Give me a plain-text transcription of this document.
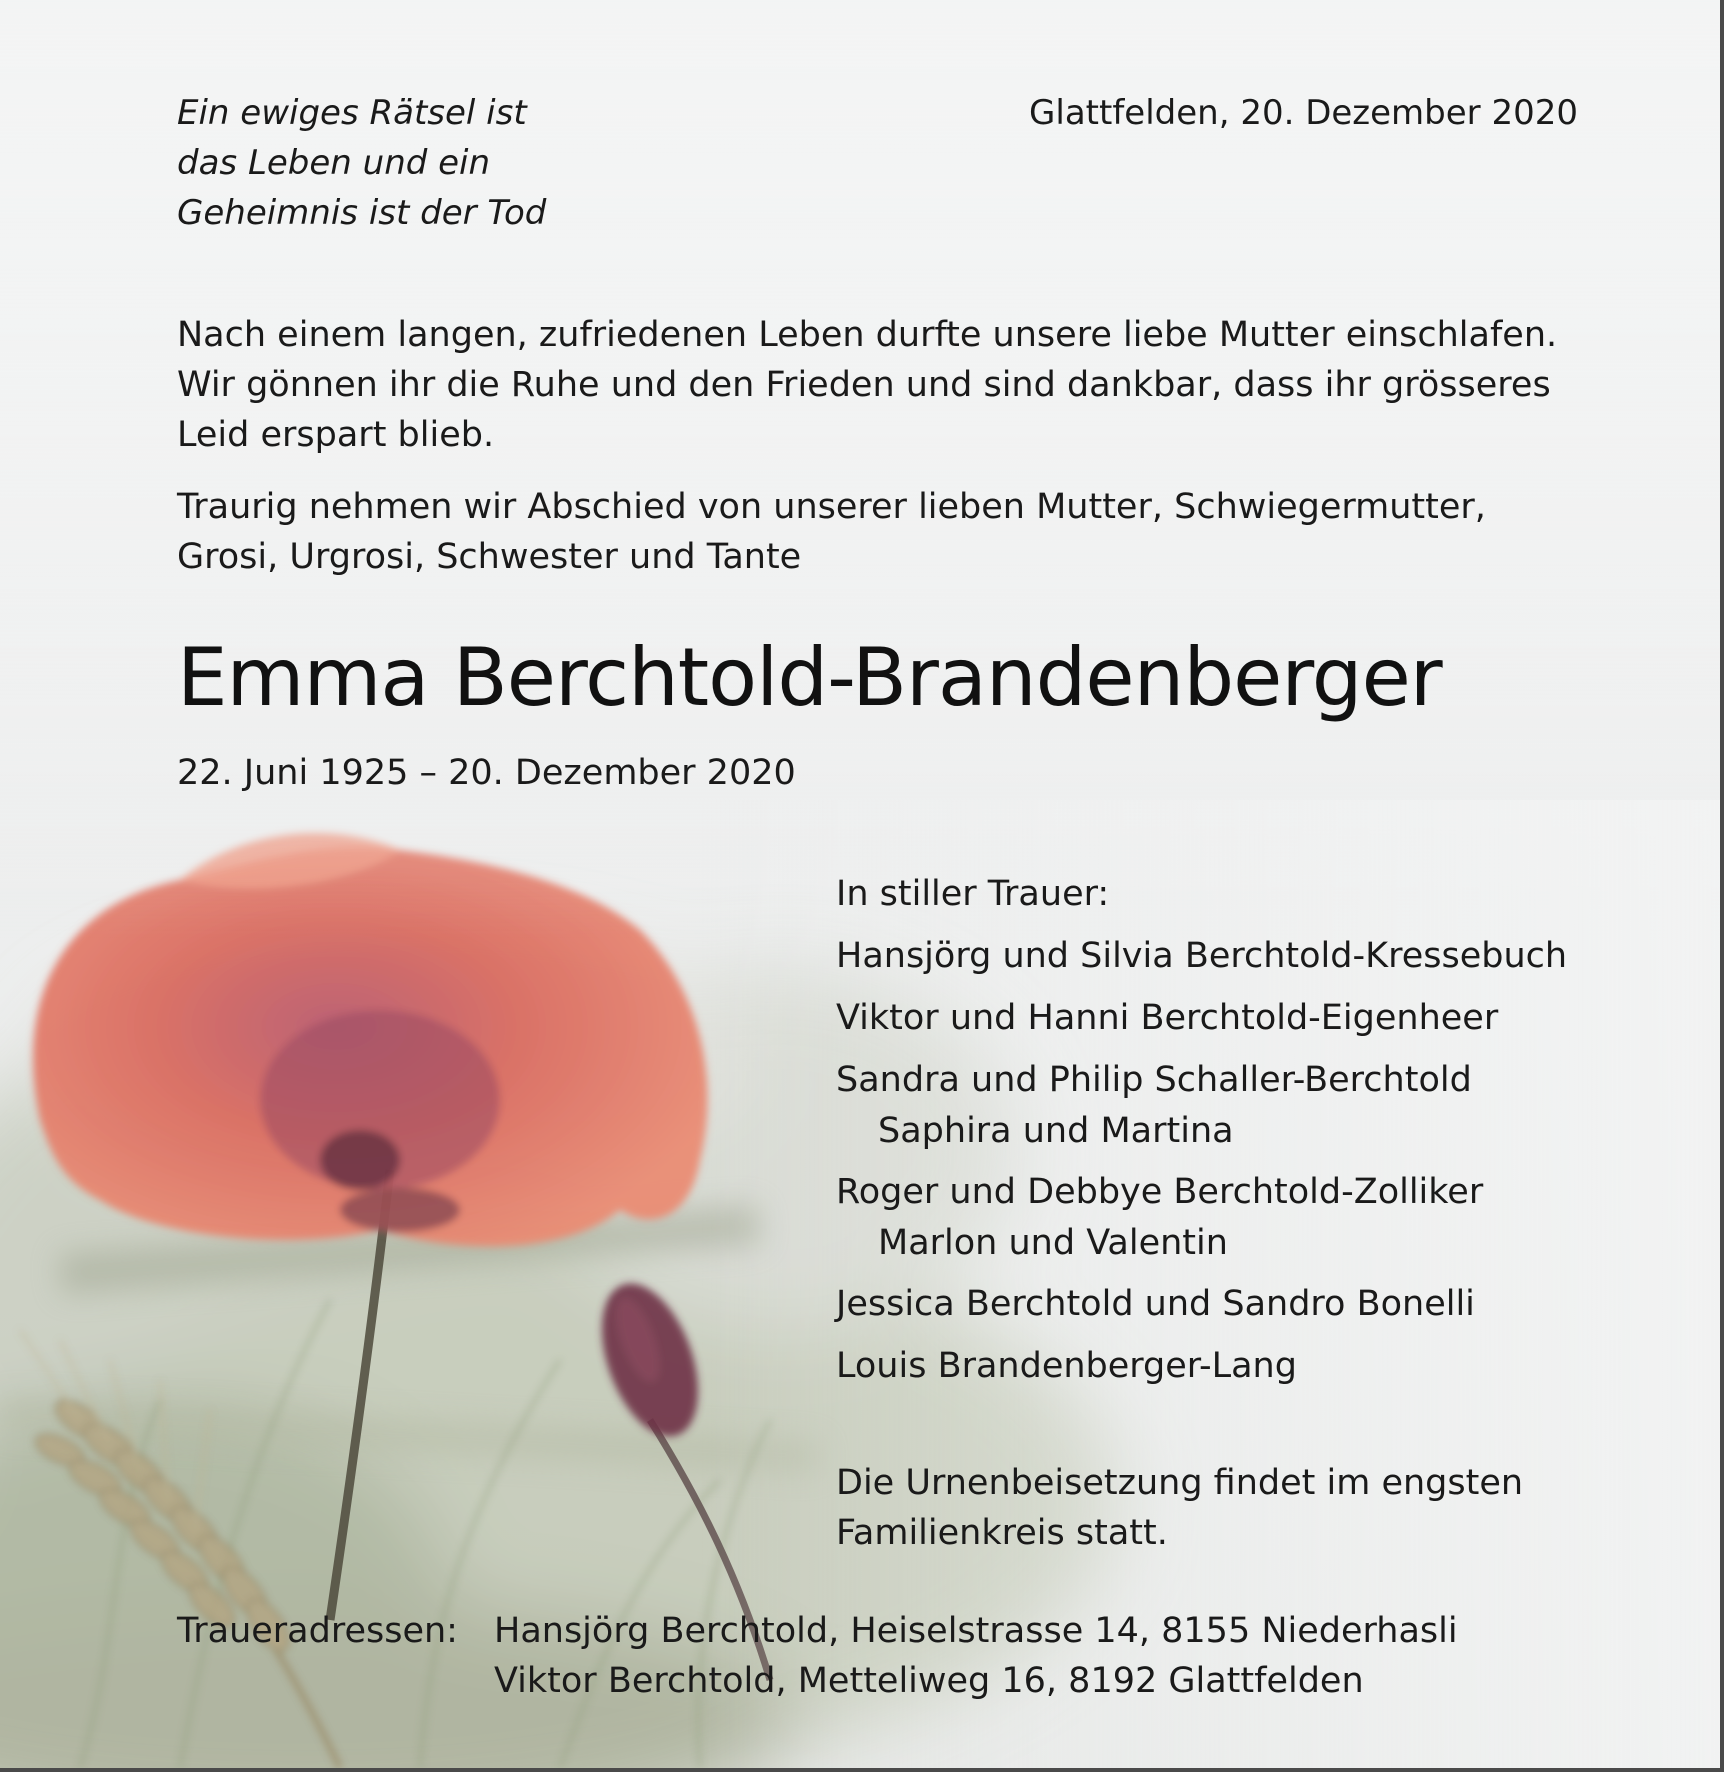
Ein ewiges Rätsel ist
das Leben und ein
Geheimnis ist der Tod
Glattfelden, 20. Dezember 2020
Nach einem langen, zufriedenen Leben durfte unsere liebe Mutter einschlafen.
Wir gönnen ihr die Ruhe und den Frieden und sind dankbar, dass ihr grösseres
Leid erspart blieb.
Traurig nehmen wir Abschied von unserer lieben Mutter, Schwiegermutter,
Grosi, Urgrosi, Schwester und Tante
Emma Berchtold-Brandenberger
22. Juni 1925 – 20. Dezember 2020
In stiller Trauer:
Hansjörg und Silvia Berchtold-Kressebuch
Viktor und Hanni Berchtold-Eigenheer
Sandra und Philip Schaller-Berchtold
Saphira und Martina
Roger und Debbye Berchtold-Zolliker
Marlon und Valentin
Jessica Berchtold und Sandro Bonelli
Louis Brandenberger-Lang
Die Urnenbeisetzung findet im engsten
Familienkreis statt.
Traueradressen: Hansjörg Berchtold, Heiselstrasse 14, 8155 Niederhasli
Viktor Berchtold, Metteliweg 16, 8192 Glattfelden
